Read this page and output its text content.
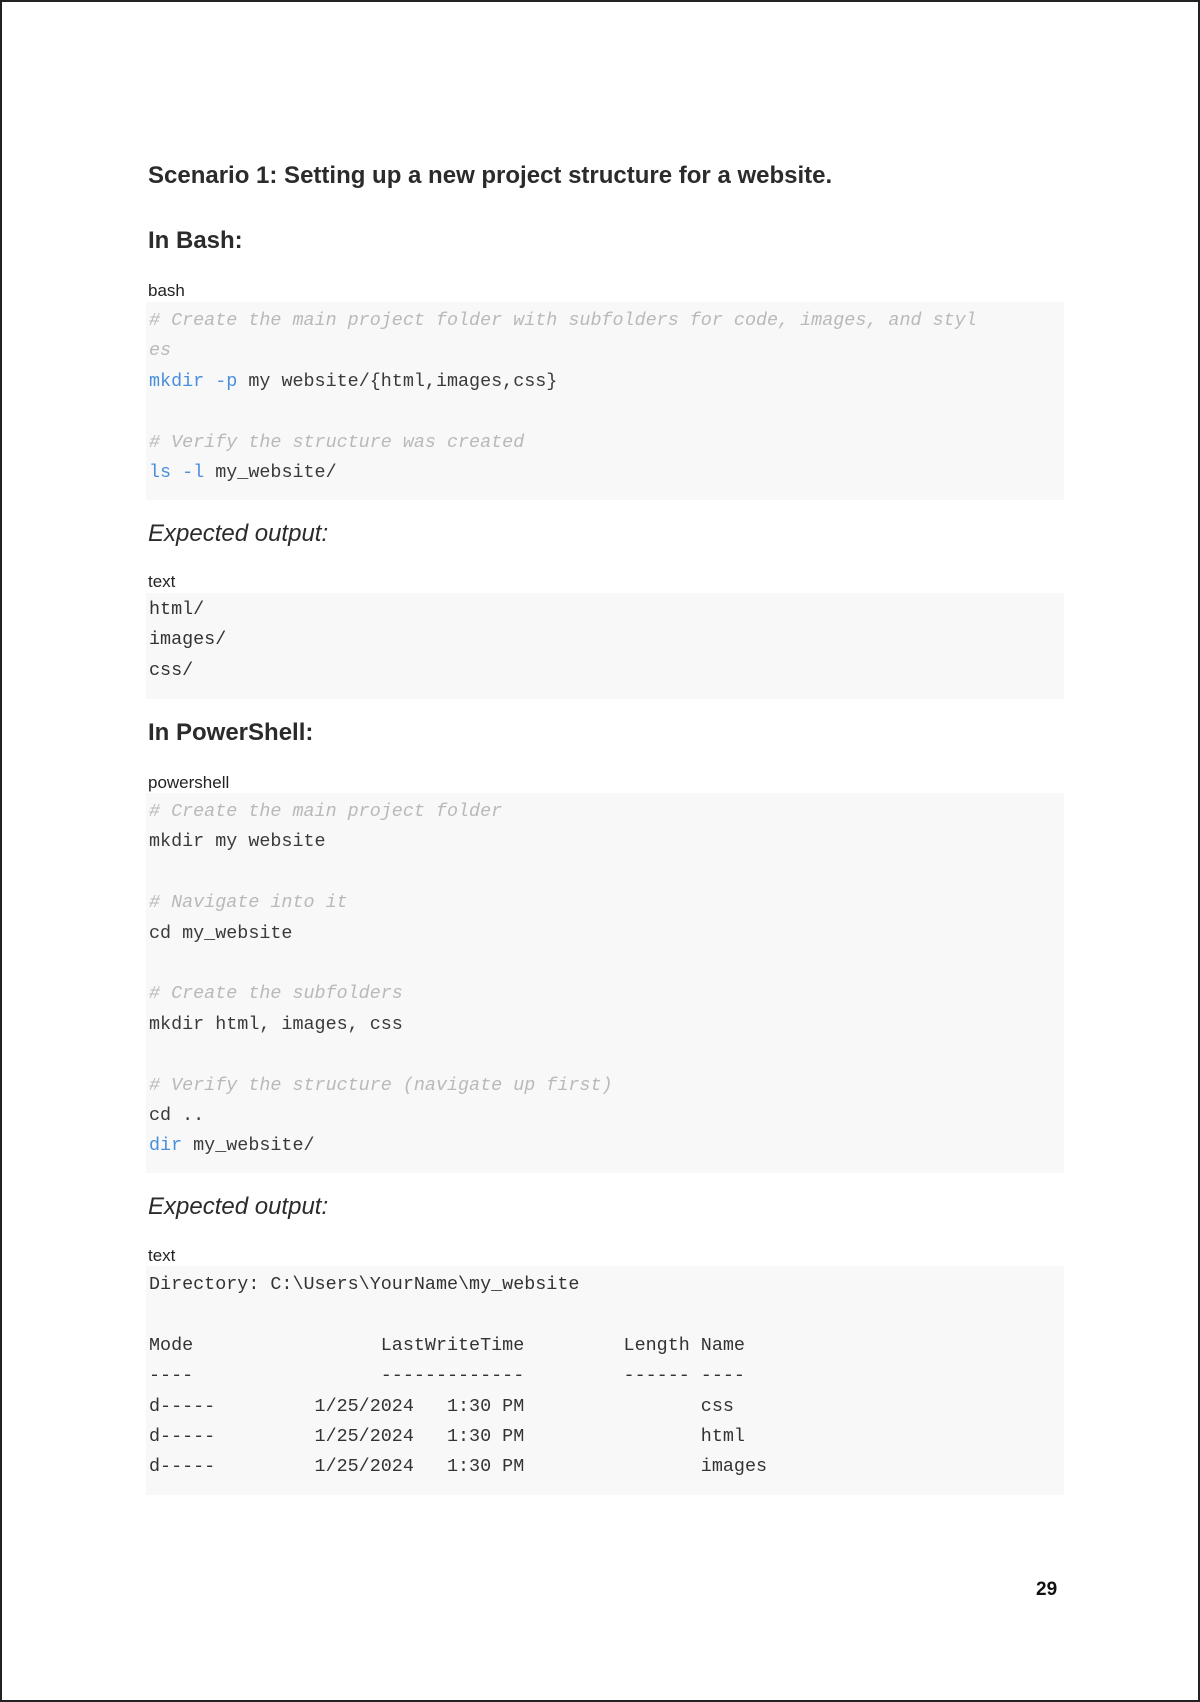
Scenario 1: Setting up a new project structure for a website.
In Bash:
bash
# Create the main project folder with subfolders for code, images, and styl
es
mkdir -p my website/{html,images,css}
# Verify the structure was created
ls -l my_website/
Expected output:
text
html/
images/
css/
In PowerShell:
powershell
# Create the main project folder
mkdir my website
# Navigate into it
cd my_website
# Create the subfolders
mkdir html, images, css
# Verify the structure (navigate up first)
cd ..
dir my_website/
Expected output:
text
Directory: C:\Users\YourName\my_website
Mode                 LastWriteTime         Length Name
----                 -------------         ------ ----
d-----         1/25/2024   1:30 PM                css
d-----         1/25/2024   1:30 PM                html
d-----         1/25/2024   1:30 PM                images
29
